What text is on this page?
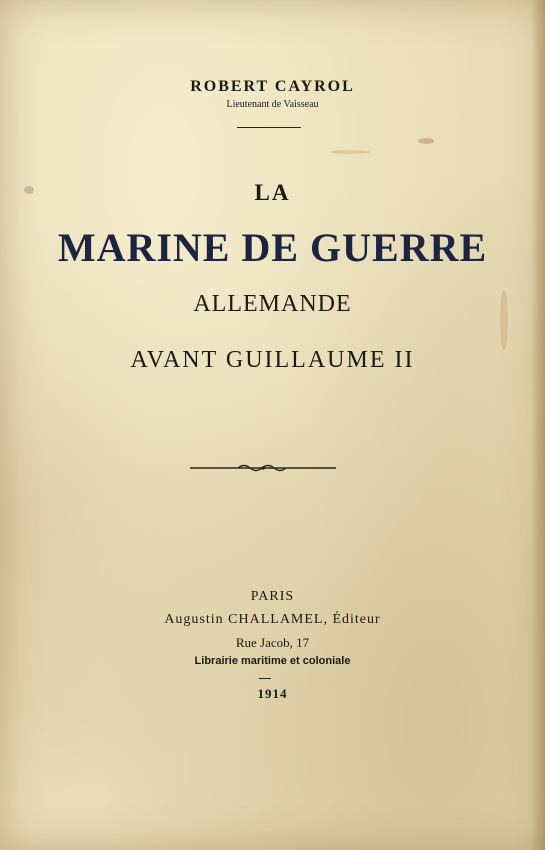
ROBERT CAYROL
Lieutenant de Vaisseau
LA
MARINE DE GUERRE
ALLEMANDE
AVANT GUILLAUME II
PARIS
Augustin CHALLAMEL, Éditeur
Rue Jacob, 17
Librairie maritime et coloniale
1914
